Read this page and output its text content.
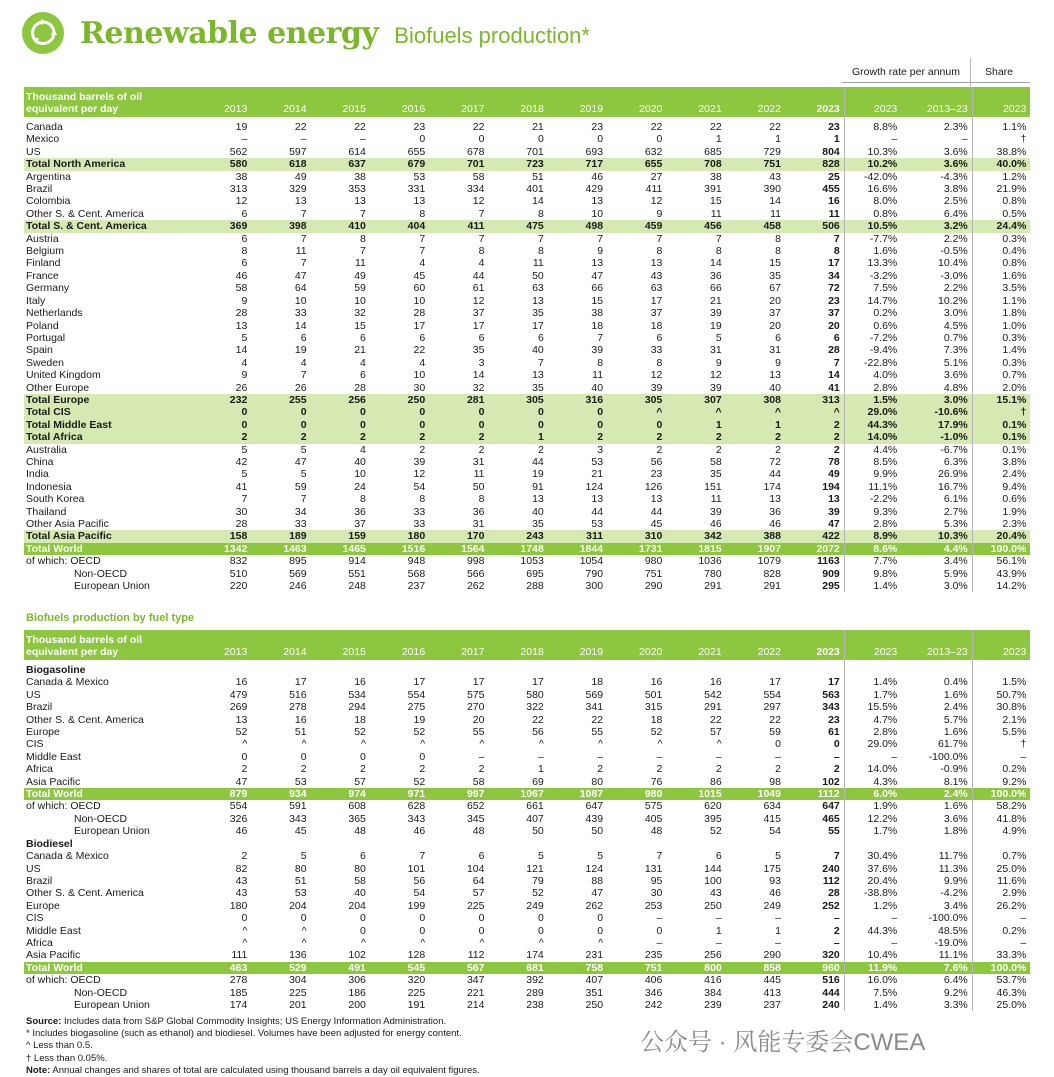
Renewable energy Biofuels production*
Growth rate per annum	Share
Thousand barrels of oil equivalent per day	2013	2014	2015	2016	2017	2018	2019	2020	2021	2022	2023	2023	2013–23	2023

Canada	19	22	22	23	22	21	23	22	22	22	23	8.8%	2.3%	1.1%
Mexico	–	–	–	0	0	0	0	0	1	1	1	–	–	†
US	562	597	614	655	678	701	693	632	685	729	804	10.3%	3.6%	38.8%
Total North America	580	618	637	679	701	723	717	655	708	751	828	10.2%	3.6%	40.0%
Argentina	38	49	38	53	58	51	46	27	38	43	25	-42.0%	-4.3%	1.2%
Brazil	313	329	353	331	334	401	429	411	391	390	455	16.6%	3.8%	21.9%
Colombia	12	13	13	13	12	14	13	12	15	14	16	8.0%	2.5%	0.8%
Other S. & Cent. America	6	7	7	8	7	8	10	9	11	11	11	0.8%	6.4%	0.5%
Total S. & Cent. America	369	398	410	404	411	475	498	459	456	458	506	10.5%	3.2%	24.4%
Austria	6	7	8	7	7	7	7	7	7	8	7	-7.7%	2.2%	0.3%
Belgium	8	11	7	7	8	8	9	8	8	8	8	1.6%	-0.5%	0.4%
Finland	6	7	11	4	4	11	13	13	14	15	17	13.3%	10.4%	0.8%
France	46	47	49	45	44	50	47	43	36	35	34	-3.2%	-3.0%	1.6%
Germany	58	64	59	60	61	63	66	63	66	67	72	7.5%	2.2%	3.5%
Italy	9	10	10	10	12	13	15	17	21	20	23	14.7%	10.2%	1.1%
Netherlands	28	33	32	28	37	35	38	37	39	37	37	0.2%	3.0%	1.8%
Poland	13	14	15	17	17	17	18	18	19	20	20	0.6%	4.5%	1.0%
Portugal	5	6	6	6	6	6	7	6	5	6	6	-7.2%	0.7%	0.3%
Spain	14	19	21	22	35	40	39	33	31	31	28	-9.4%	7.3%	1.4%
Sweden	4	4	4	4	3	7	8	8	9	9	7	-22.8%	5.1%	0.3%
United Kingdom	9	7	6	10	14	13	11	12	12	13	14	4.0%	3.6%	0.7%
Other Europe	26	26	28	30	32	35	40	39	39	40	41	2.8%	4.8%	2.0%
Total Europe	232	255	256	250	281	305	316	305	307	308	313	1.5%	3.0%	15.1%
Total CIS	0	0	0	0	0	0	0	^	^	^	^	29.0%	-10.6%	†
Total Middle East	0	0	0	0	0	0	0	0	1	1	2	44.3%	17.9%	0.1%
Total Africa	2	2	2	2	2	1	2	2	2	2	2	14.0%	-1.0%	0.1%
Australia	5	5	4	2	2	2	3	2	2	2	2	4.4%	-6.7%	0.1%
China	42	47	40	39	31	44	53	56	58	72	78	8.5%	6.3%	3.8%
India	5	5	10	12	11	19	21	23	35	44	49	9.9%	26.9%	2.4%
Indonesia	41	59	24	54	50	91	124	126	151	174	194	11.1%	16.7%	9.4%
South Korea	7	7	8	8	8	13	13	13	11	13	13	-2.2%	6.1%	0.6%
Thailand	30	34	36	33	36	40	44	44	39	36	39	9.3%	2.7%	1.9%
Other Asia Pacific	28	33	37	33	31	35	53	45	46	46	47	2.8%	5.3%	2.3%
Total Asia Pacific	158	189	159	180	170	243	311	310	342	388	422	8.9%	10.3%	20.4%
Total World	1342	1463	1465	1516	1564	1748	1844	1731	1815	1907	2072	8.6%	4.4%	100.0%
of which: OECD	832	895	914	948	998	1053	1054	980	1036	1079	1163	7.7%	3.4%	56.1%
Non-OECD	510	569	551	568	566	695	790	751	780	828	909	9.8%	5.9%	43.9%
European Union	220	246	248	237	262	288	300	290	291	291	295	1.4%	3.0%	14.2%
Biofuels production by fuel type
Thousand barrels of oil equivalent per day	2013	2014	2015	2016	2017	2018	2019	2020	2021	2022	2023	2023	2013–23	2023

Biogasoline														
Canada & Mexico	16	17	16	17	17	17	18	16	16	17	17	1.4%	0.4%	1.5%
US	479	516	534	554	575	580	569	501	542	554	563	1.7%	1.6%	50.7%
Brazil	269	278	294	275	270	322	341	315	291	297	343	15.5%	2.4%	30.8%
Other S. & Cent. America	13	16	18	19	20	22	22	18	22	22	23	4.7%	5.7%	2.1%
Europe	52	51	52	52	55	56	55	52	57	59	61	2.8%	1.6%	5.5%
CIS	^	^	^	^	^	^	^	^	^	0	0	29.0%	61.7%	†
Middle East	0	0	0	0	–	–	–	–	–	–	–	–	-100.0%	–
Africa	2	2	2	2	2	1	2	2	2	2	2	14.0%	-0.9%	0.2%
Asia Pacific	47	53	57	52	58	69	80	76	86	98	102	4.3%	8.1%	9.2%
Total World	879	934	974	971	997	1067	1087	980	1015	1049	1112	6.0%	2.4%	100.0%
of which: OECD	554	591	608	628	652	661	647	575	620	634	647	1.9%	1.6%	58.2%
Non-OECD	326	343	365	343	345	407	439	405	395	415	465	12.2%	3.6%	41.8%
European Union	46	45	48	46	48	50	50	48	52	54	55	1.7%	1.8%	4.9%
Biodiesel														
Canada & Mexico	2	5	6	7	6	5	5	7	6	5	7	30.4%	11.7%	0.7%
US	82	80	80	101	104	121	124	131	144	175	240	37.6%	11.3%	25.0%
Brazil	43	51	58	56	64	79	88	95	100	93	112	20.4%	9.9%	11.6%
Other S. & Cent. America	43	53	40	54	57	52	47	30	43	46	28	-38.8%	-4.2%	2.9%
Europe	180	204	204	199	225	249	262	253	250	249	252	1.2%	3.4%	26.2%
CIS	0	0	0	0	0	0	0	–	–	–	–	–	-100.0%	–
Middle East	^	^	0	0	0	0	0	0	1	1	2	44.3%	48.5%	0.2%
Africa	^	^	^	^	^	^	^	–	–	–	–	–	-19.0%	–
Asia Pacific	111	136	102	128	112	174	231	235	256	290	320	10.4%	11.1%	33.3%
Total World	463	529	491	545	567	681	758	751	800	858	960	11.9%	7.6%	100.0%
of which: OECD	278	304	306	320	347	392	407	406	416	445	516	16.0%	6.4%	53.7%
Non-OECD	185	225	186	225	221	289	351	346	384	413	444	7.5%	9.2%	46.3%
European Union	174	201	200	191	214	238	250	242	239	237	240	1.4%	3.3%	25.0%
Source: Includes data from S&P Global Commodity Insights; US Energy Information Administration.
* Includes biogasoline (such as ethanol) and biodiesel. Volumes have been adjusted for energy content.
^ Less than 0.5.
† Less than 0.05%.
Note: Annual changes and shares of total are calculated using thousand barrels a day oil equivalent figures.
公众号 · 风能专委会CWEA
